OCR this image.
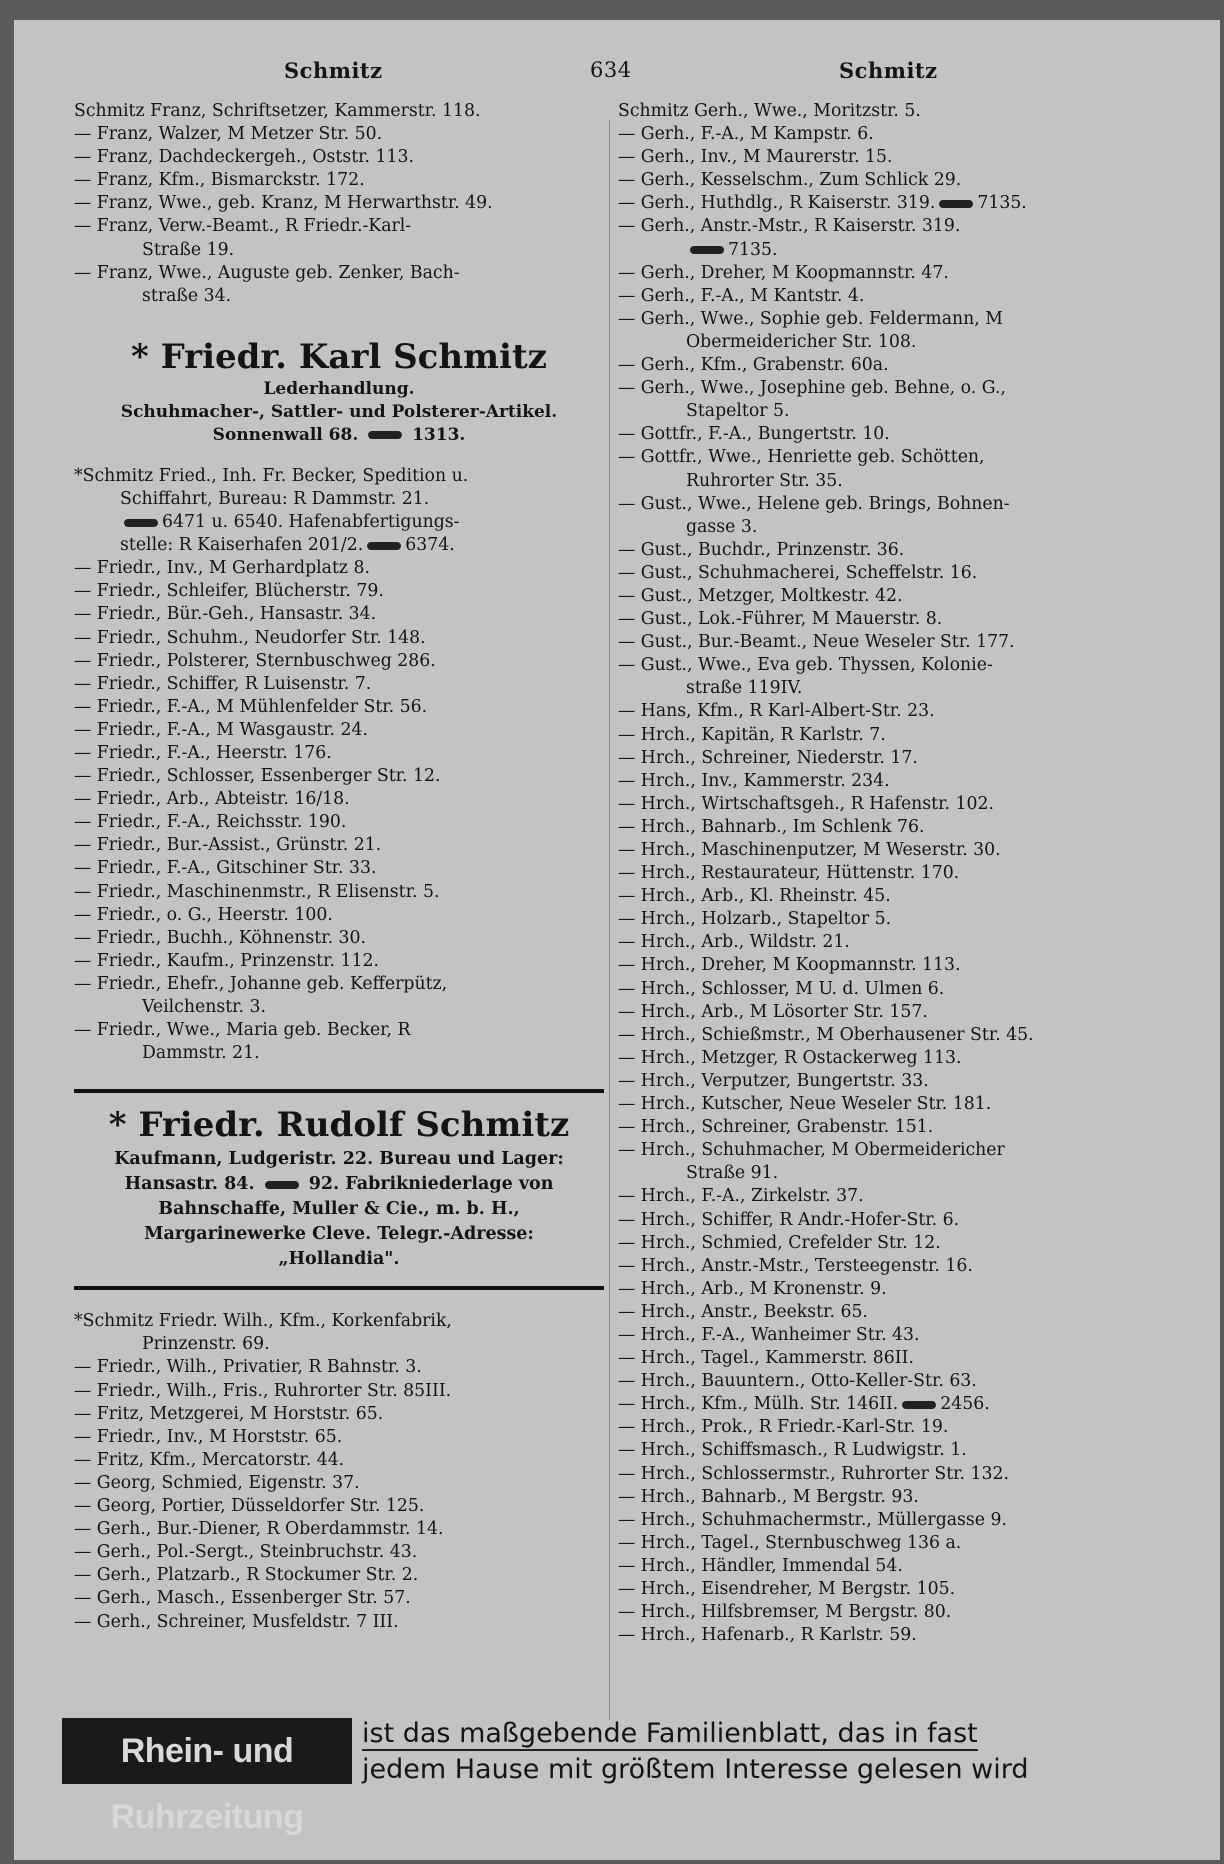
Schmitz	634	Schmitz
Schmitz Franz, Schriftsetzer, Kammerstr. 118.
— Franz, Walzer, M Metzer Str. 50.
— Franz, Dachdeckergeh., Oststr. 113.
— Franz, Kfm., Bismarckstr. 172.
— Franz, Wwe., geb. Kranz, M Herwarthstr. 49.
— Franz, Verw.-Beamt., R Friedr.-Karl-
Straße 19.
— Franz, Wwe., Auguste geb. Zenker, Bach-
straße 34.
* Friedr. Karl Schmitz
Lederhandlung.
Schuhmacher-, Sattler- und Polsterer-Artikel.
Sonnenwall 68.	1313.
*Schmitz Fried., Inh. Fr. Becker, Spedition u.
Schiffahrt, Bureau: R Dammstr. 21.
6471 u. 6540. Hafenabfertigungs-
stelle: R Kaiserhafen 201/2. 6374.
— Friedr., Inv., M Gerhardplatz 8.
— Friedr., Schleifer, Blücherstr. 79.
— Friedr., Bür.-Geh., Hansastr. 34.
— Friedr., Schuhm., Neudorfer Str. 148.
— Friedr., Polsterer, Sternbuschweg 286.
— Friedr., Schiffer, R Luisenstr. 7.
— Friedr., F.-A., M Mühlenfelder Str. 56.
— Friedr., F.-A., M Wasgaustr. 24.
— Friedr., F.-A., Heerstr. 176.
— Friedr., Schlosser, Essenberger Str. 12.
— Friedr., Arb., Abteistr. 16/18.
— Friedr., F.-A., Reichsstr. 190.
— Friedr., Bur.-Assist., Grünstr. 21.
— Friedr., F.-A., Gitschiner Str. 33.
— Friedr., Maschinenmstr., R Elisenstr. 5.
— Friedr., o. G., Heerstr. 100.
— Friedr., Buchh., Köhnenstr. 30.
— Friedr., Kaufm., Prinzenstr. 112.
— Friedr., Ehefr., Johanne geb. Kefferpütz,
Veilchenstr. 3.
— Friedr., Wwe., Maria geb. Becker, R
Dammstr. 21.
* Friedr. Rudolf Schmitz
Kaufmann, Ludgeristr. 22. Bureau und Lager:
Hansastr. 84.	92. Fabrikniederlage von
Bahnschaffe, Muller & Cie., m. b. H.,
Margarinewerke Cleve. Telegr.-Adresse:
„Hollandia".
*Schmitz Friedr. Wilh., Kfm., Korkenfabrik,
Prinzenstr. 69.
— Friedr., Wilh., Privatier, R Bahnstr. 3.
— Friedr., Wilh., Fris., Ruhrorter Str. 85III.
— Fritz, Metzgerei, M Horststr. 65.
— Friedr., Inv., M Horststr. 65.
— Fritz, Kfm., Mercatorstr. 44.
— Georg, Schmied, Eigenstr. 37.
— Georg, Portier, Düsseldorfer Str. 125.
— Gerh., Bur.-Diener, R Oberdammstr. 14.
— Gerh., Pol.-Sergt., Steinbruchstr. 43.
— Gerh., Platzarb., R Stockumer Str. 2.
— Gerh., Masch., Essenberger Str. 57.
— Gerh., Schreiner, Musfeldstr. 7 III.
Schmitz Gerh., Wwe., Moritzstr. 5.
— Gerh., F.-A., M Kampstr. 6.
— Gerh., Inv., M Maurerstr. 15.
— Gerh., Kesselschm., Zum Schlick 29.
— Gerh., Huthdlg., R Kaiserstr. 319. 7135.
— Gerh., Anstr.-Mstr., R Kaiserstr. 319.
7135.
— Gerh., Dreher, M Koopmannstr. 47.
— Gerh., F.-A., M Kantstr. 4.
— Gerh., Wwe., Sophie geb. Feldermann, M
Obermeidericher Str. 108.
— Gerh., Kfm., Grabenstr. 60a.
— Gerh., Wwe., Josephine geb. Behne, o. G.,
Stapeltor 5.
— Gottfr., F.-A., Bungertstr. 10.
— Gottfr., Wwe., Henriette geb. Schötten,
Ruhrorter Str. 35.
— Gust., Wwe., Helene geb. Brings, Bohnen-
gasse 3.
— Gust., Buchdr., Prinzenstr. 36.
— Gust., Schuhmacherei, Scheffelstr. 16.
— Gust., Metzger, Moltkestr. 42.
— Gust., Lok.-Führer, M Mauerstr. 8.
— Gust., Bur.-Beamt., Neue Weseler Str. 177.
— Gust., Wwe., Eva geb. Thyssen, Kolonie-
straße 119IV.
— Hans, Kfm., R Karl-Albert-Str. 23.
— Hrch., Kapitän, R Karlstr. 7.
— Hrch., Schreiner, Niederstr. 17.
— Hrch., Inv., Kammerstr. 234.
— Hrch., Wirtschaftsgeh., R Hafenstr. 102.
— Hrch., Bahnarb., Im Schlenk 76.
— Hrch., Maschinenputzer, M Weserstr. 30.
— Hrch., Restaurateur, Hüttenstr. 170.
— Hrch., Arb., Kl. Rheinstr. 45.
— Hrch., Holzarb., Stapeltor 5.
— Hrch., Arb., Wildstr. 21.
— Hrch., Dreher, M Koopmannstr. 113.
— Hrch., Schlosser, M U. d. Ulmen 6.
— Hrch., Arb., M Lösorter Str. 157.
— Hrch., Schießmstr., M Oberhausener Str. 45.
— Hrch., Metzger, R Ostackerweg 113.
— Hrch., Verputzer, Bungertstr. 33.
— Hrch., Kutscher, Neue Weseler Str. 181.
— Hrch., Schreiner, Grabenstr. 151.
— Hrch., Schuhmacher, M Obermeidericher
Straße 91.
— Hrch., F.-A., Zirkelstr. 37.
— Hrch., Schiffer, R Andr.-Hofer-Str. 6.
— Hrch., Schmied, Crefelder Str. 12.
— Hrch., Anstr.-Mstr., Tersteegenstr. 16.
— Hrch., Arb., M Kronenstr. 9.
— Hrch., Anstr., Beekstr. 65.
— Hrch., F.-A., Wanheimer Str. 43.
— Hrch., Tagel., Kammerstr. 86II.
— Hrch., Bauuntern., Otto-Keller-Str. 63.
— Hrch., Kfm., Mülh. Str. 146II. 2456.
— Hrch., Prok., R Friedr.-Karl-Str. 19.
— Hrch., Schiffsmasch., R Ludwigstr. 1.
— Hrch., Schlossermstr., Ruhrorter Str. 132.
— Hrch., Bahnarb., M Bergstr. 93.
— Hrch., Schuhmachermstr., Müllergasse 9.
— Hrch., Tagel., Sternbuschweg 136 a.
— Hrch., Händler, Immendal 54.
— Hrch., Eisendreher, M Bergstr. 105.
— Hrch., Hilfsbremser, M Bergstr. 80.
— Hrch., Hafenarb., R Karlstr. 59.
Rhein- und Ruhrzeitung
ist das maßgebende Familienblatt, das in fast
jedem Hause mit größtem Interesse gelesen wird
